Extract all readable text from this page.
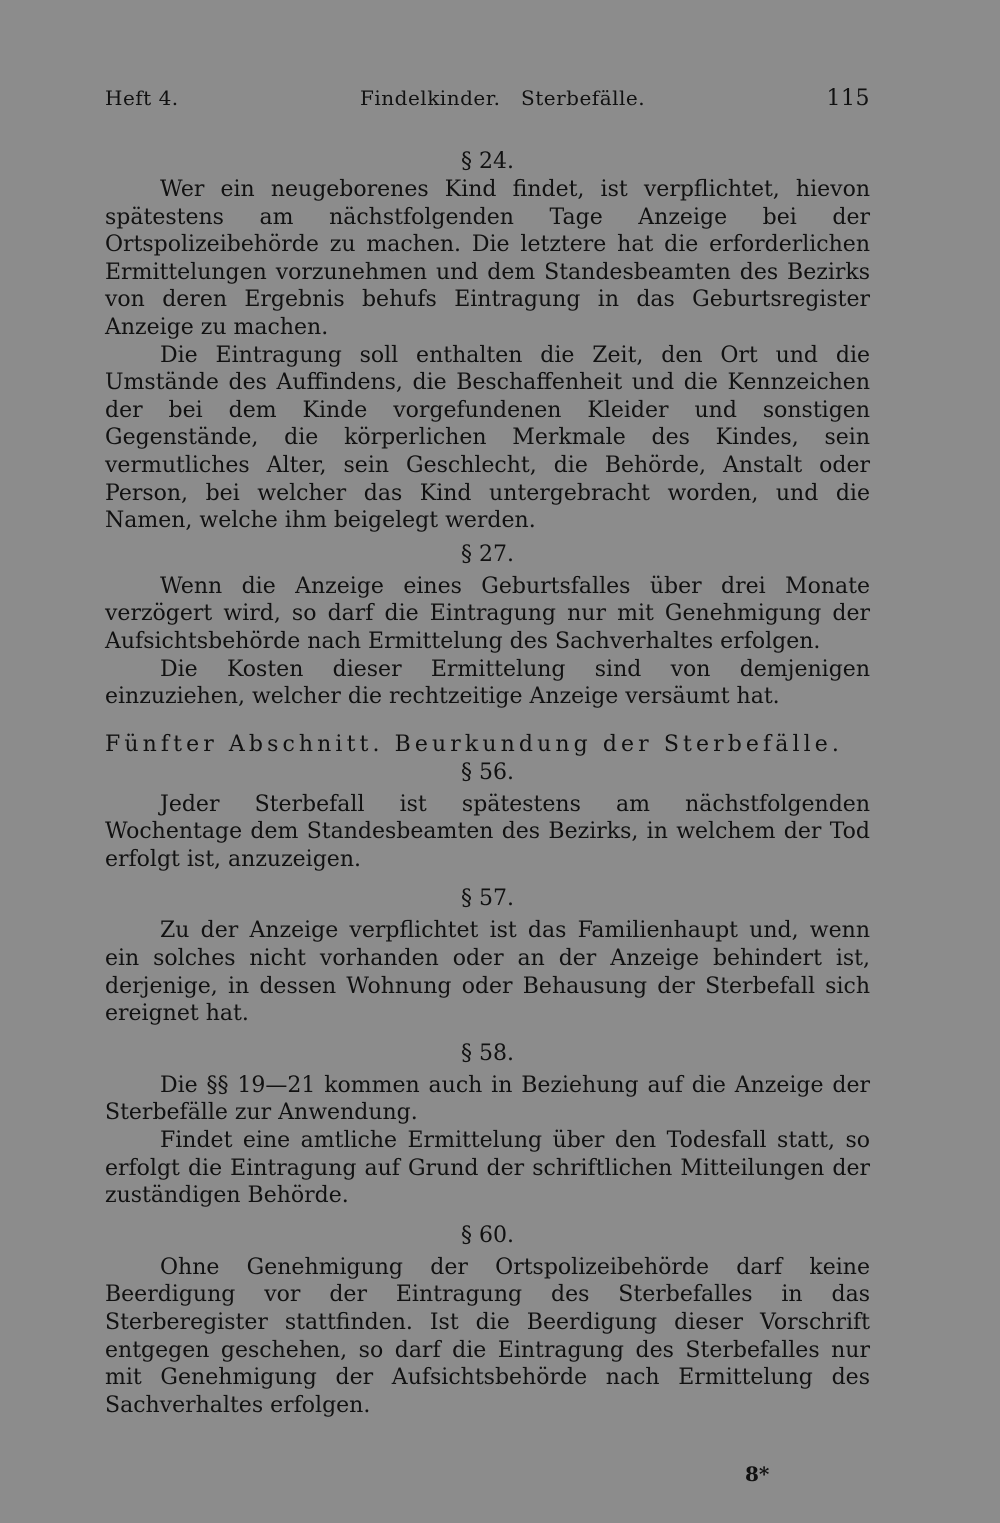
Heft 4.	Findelkinder.   Sterbefälle.	115
§ 24.

Wer ein neugeborenes Kind findet, ist verpflichtet, hievon spätestens am nächstfolgenden Tage Anzeige bei der Ortspolizeibehörde zu machen. Die letztere hat die erforderlichen Ermittelungen vorzunehmen und dem Standesbeamten des Bezirks von deren Ergebnis behufs Eintragung in das Geburtsregister Anzeige zu machen.

Die Eintragung soll enthalten die Zeit, den Ort und die Umstände des Auffindens, die Beschaffenheit und die Kennzeichen der bei dem Kinde vorgefundenen Kleider und sonstigen Gegenstände, die körperlichen Merkmale des Kindes, sein vermutliches Alter, sein Geschlecht, die Behörde, Anstalt oder Person, bei welcher das Kind untergebracht worden, und die Namen, welche ihm beigelegt werden.

§ 27.

Wenn die Anzeige eines Geburtsfalles über drei Monate verzögert wird, so darf die Eintragung nur mit Genehmigung der Aufsichtsbehörde nach Ermittelung des Sachverhaltes erfolgen.

Die Kosten dieser Ermittelung sind von demjenigen einzuziehen, welcher die rechtzeitige Anzeige versäumt hat.

Fünfter Abschnitt. Beurkundung der Sterbefälle.

§ 56.

Jeder Sterbefall ist spätestens am nächstfolgenden Wochentage dem Standesbeamten des Bezirks, in welchem der Tod erfolgt ist, anzuzeigen.

§ 57.

Zu der Anzeige verpflichtet ist das Familienhaupt und, wenn ein solches nicht vorhanden oder an der Anzeige behindert ist, derjenige, in dessen Wohnung oder Behausung der Sterbefall sich ereignet hat.

§ 58.

Die §§ 19—21 kommen auch in Beziehung auf die Anzeige der Sterbefälle zur Anwendung.

Findet eine amtliche Ermittelung über den Todesfall statt, so erfolgt die Eintragung auf Grund der schriftlichen Mitteilungen der zuständigen Behörde.

§ 60.

Ohne Genehmigung der Ortspolizeibehörde darf keine Beerdigung vor der Eintragung des Sterbefalles in das Sterberegister stattfinden. Ist die Beerdigung dieser Vorschrift entgegen geschehen, so darf die Eintragung des Sterbefalles nur mit Genehmigung der Aufsichtsbehörde nach Ermittelung des Sachverhaltes erfolgen.

8*
